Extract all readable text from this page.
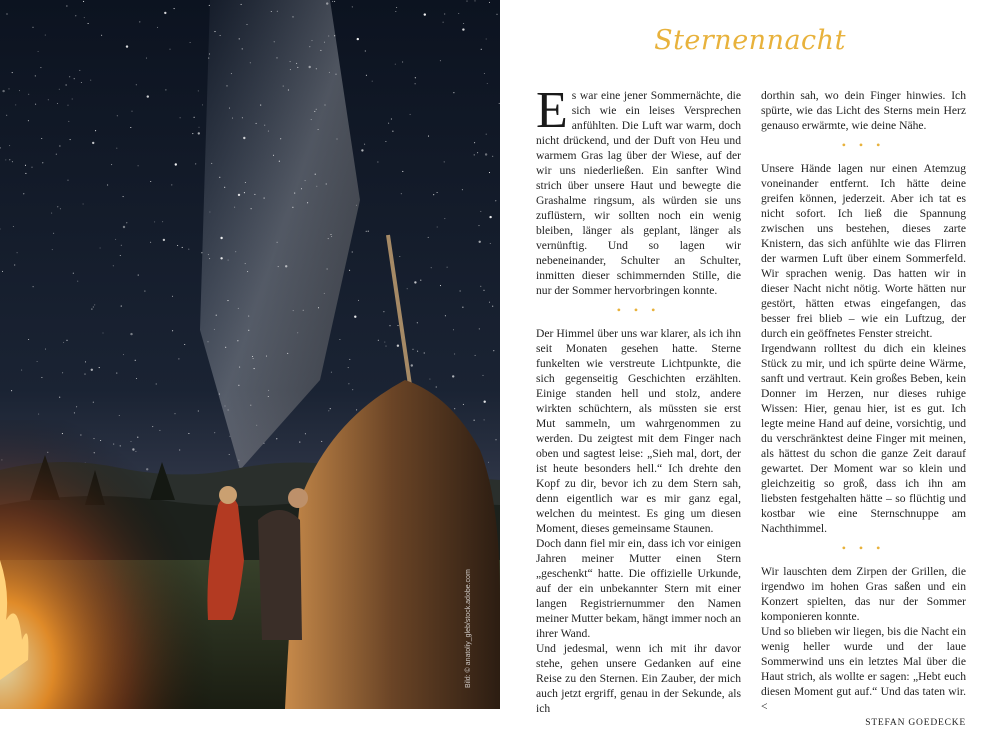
Bild: © anatoliy_gleb/stock.adobe.com
Sternennacht

Es war eine jener Sommernächte, die sich wie ein leises Versprechen anfühlten. Die Luft war warm, doch nicht drückend, und der Duft von Heu und warmem Gras lag über der Wiese, auf der wir uns niederließen. Ein sanfter Wind strich über unsere Haut und bewegte die Grashalme ringsum, als würden sie uns zuflüstern, wir sollten noch ein wenig bleiben, länger als geplant, länger als vernünftig. Und so lagen wir nebeneinander, Schulter an Schulter, inmitten dieser schimmernden Stille, die nur der Sommer hervorbringen konnte.

• • •

Der Himmel über uns war klarer, als ich ihn seit Monaten gesehen hatte. Sterne funkelten wie verstreute Lichtpunkte, die sich gegenseitig Geschichten erzählten. Einige standen hell und stolz, andere wirkten schüchtern, als müssten sie erst Mut sammeln, um wahrgenommen zu werden. Du zeigtest mit dem Finger nach oben und sagtest leise: „Sieh mal, dort, der ist heute besonders hell.“ Ich drehte den Kopf zu dir, bevor ich zu dem Stern sah, denn eigentlich war es mir ganz egal, welchen du meintest. Es ging um diesen Moment, dieses gemeinsame Staunen.

Doch dann fiel mir ein, dass ich vor einigen Jahren meiner Mutter einen Stern „geschenkt“ hatte. Die offizielle Urkunde, auf der ein unbekannter Stern mit einer langen Registriernummer den Namen meiner Mutter bekam, hängt immer noch an ihrer Wand.

Und jedesmal, wenn ich mit ihr davor stehe, gehen unsere Gedanken auf eine Reise zu den Sternen. Ein Zauber, der mich auch jetzt ergriff, genau in der Sekunde, als ich

dorthin sah, wo dein Finger hinwies. Ich spürte, wie das Licht des Sterns mein Herz genauso erwärmte, wie deine Nähe.

• • •

Unsere Hände lagen nur einen Atemzug voneinander entfernt. Ich hätte deine greifen können, jederzeit. Aber ich tat es nicht sofort. Ich ließ die Spannung zwischen uns bestehen, dieses zarte Knistern, das sich anfühlte wie das Flirren der warmen Luft über einem Sommerfeld. Wir sprachen wenig. Das hatten wir in dieser Nacht nicht nötig. Worte hätten nur gestört, hätten etwas eingefangen, das besser frei blieb – wie ein Luftzug, der durch ein geöffnetes Fenster streicht.

Irgendwann rolltest du dich ein kleines Stück zu mir, und ich spürte deine Wärme, sanft und vertraut. Kein großes Beben, kein Donner im Herzen, nur dieses ruhige Wissen: Hier, genau hier, ist es gut. Ich legte meine Hand auf deine, vorsichtig, und du verschränktest deine Finger mit meinen, als hättest du schon die ganze Zeit darauf gewartet. Der Moment war so klein und gleichzeitig so groß, dass ich ihn am liebsten festgehalten hätte – so flüchtig und kostbar wie eine Sternschnuppe am Nachthimmel.

• • •

Wir lauschten dem Zirpen der Grillen, die irgendwo im hohen Gras saßen und ein Konzert spielten, das nur der Sommer komponieren konnte.

Und so blieben wir liegen, bis die Nacht ein wenig heller wurde und der laue Sommerwind uns ein letztes Mal über die Haut strich, als wollte er sagen: „Hebt euch diesen Moment gut auf.“ Und das taten wir. <

STEFAN GOEDECKE
